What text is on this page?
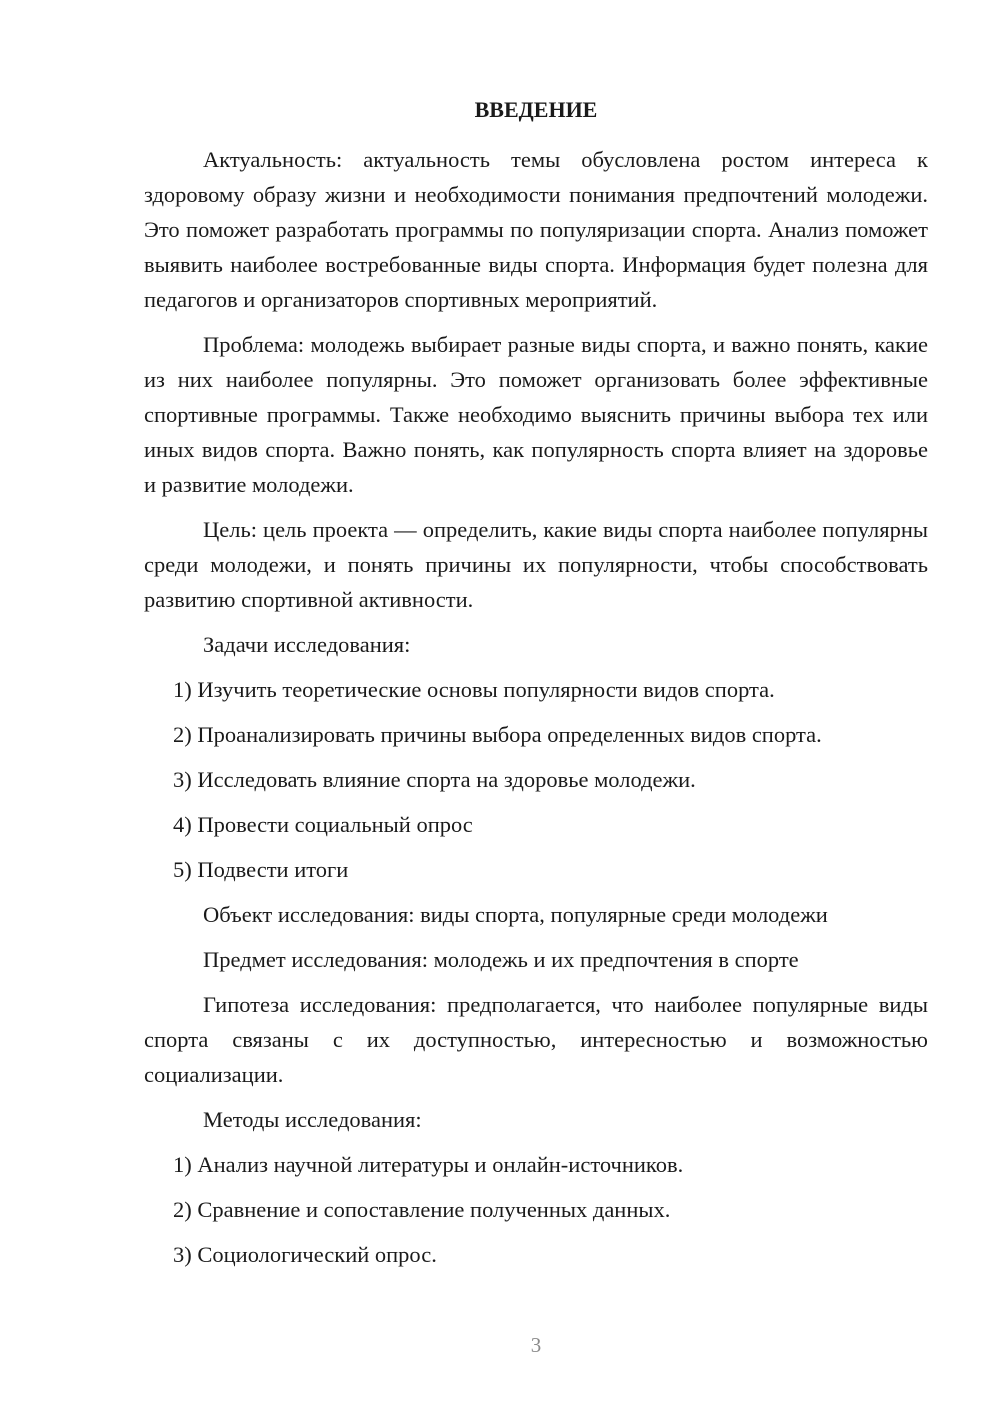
ВВЕДЕНИЕ

Актуальность: актуальность темы обусловлена ростом интереса к здоровому образу жизни и необходимости понимания предпочтений молодежи. Это поможет разработать программы по популяризации спорта. Анализ поможет выявить наиболее востребованные виды спорта. Информация будет полезна для педагогов и организаторов спортивных мероприятий.

Проблема: молодежь выбирает разные виды спорта, и важно понять, какие из них наиболее популярны. Это поможет организовать более эффективные спортивные программы. Также необходимо выяснить причины выбора тех или иных видов спорта. Важно понять, как популярность спорта влияет на здоровье и развитие молодежи.

Цель: цель проекта — определить, какие виды спорта наиболее популярны среди молодежи, и понять причины их популярности, чтобы способствовать развитию спортивной активности.

Задачи исследования:
1) Изучить теоретические основы популярности видов спорта.
2) Проанализировать причины выбора определенных видов спорта.
3) Исследовать влияние спорта на здоровье молодежи.
4) Провести социальный опрос
5) Подвести итоги
Объект исследования: виды спорта, популярные среди молодежи
Предмет исследования: молодежь и их предпочтения в спорте

Гипотеза исследования: предполагается, что наиболее популярные виды спорта связаны с их доступностью, интересностью и возможностью социализации.

Методы исследования:
1) Анализ научной литературы и онлайн-источников.
2) Сравнение и сопоставление полученных данных.
3) Социологический опрос.
3
